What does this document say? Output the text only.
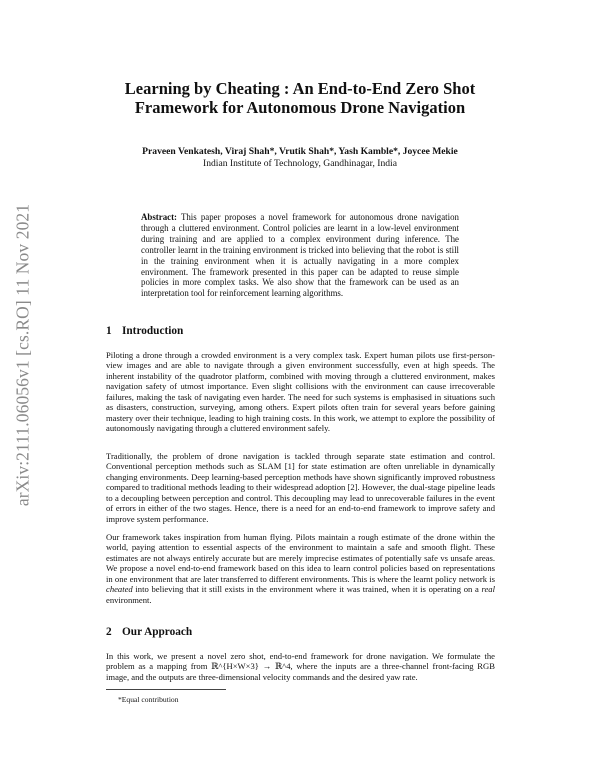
arXiv:2111.06056v1 [cs.RO] 11 Nov 2021
Learning by Cheating : An End-to-End Zero Shot
Framework for Autonomous Drone Navigation
Praveen Venkatesh, Viraj Shah*, Vrutik Shah*, Yash Kamble*, Joycee Mekie
Indian Institute of Technology, Gandhinagar, India

Abstract: This paper proposes a novel framework for autonomous drone navigation through a cluttered environment. Control policies are learnt in a low-level environment during training and are applied to a complex environment during inference. The controller learnt in the training environment is tricked into believing that the robot is still in the training environment when it is actually navigating in a more complex environment. The framework presented in this paper can be adapted to reuse simple policies in more complex tasks. We also show that the framework can be used as an interpretation tool for reinforcement learning algorithms.

1 Introduction

Piloting a drone through a crowded environment is a very complex task. Expert human pilots use first-person-view images and are able to navigate through a given environment successfully, even at high speeds. The inherent instability of the quadrotor platform, combined with moving through a cluttered environment, makes navigation safety of utmost importance. Even slight collisions with the environment can cause irrecoverable failures, making the task of navigating even harder. The need for such systems is emphasised in situations such as disasters, construction, surveying, among others. Expert pilots often train for several years before gaining mastery over their technique, leading to high training costs. In this work, we attempt to explore the possibility of autonomously navigating through a cluttered environment safely.

Traditionally, the problem of drone navigation is tackled through separate state estimation and control. Conventional perception methods such as SLAM [1] for state estimation are often unreliable in dynamically changing environments. Deep learning-based perception methods have shown significantly improved robustness compared to traditional methods leading to their widespread adoption [2]. However, the dual-stage pipeline leads to a decoupling between perception and control. This decoupling may lead to unrecoverable failures in the event of errors in either of the two stages. Hence, there is a need for an end-to-end framework to improve safety and improve system performance.

Our framework takes inspiration from human flying. Pilots maintain a rough estimate of the drone within the world, paying attention to essential aspects of the environment to maintain a safe and smooth flight. These estimates are not always entirely accurate but are merely imprecise estimates of potentially safe vs unsafe areas. We propose a novel end-to-end framework based on this idea to learn control policies based on representations in one environment that are later transferred to different environments. This is where the learnt policy network is cheated into believing that it still exists in the environment where it was trained, when it is operating on a real environment.

2 Our Approach

In this work, we present a novel zero shot, end-to-end framework for drone navigation. We formulate the problem as a mapping from ℝ^{H×W×3} → ℝ^4, where the inputs are a three-channel front-facing RGB image, and the outputs are three-dimensional velocity commands and the desired yaw rate.

*Equal contribution
